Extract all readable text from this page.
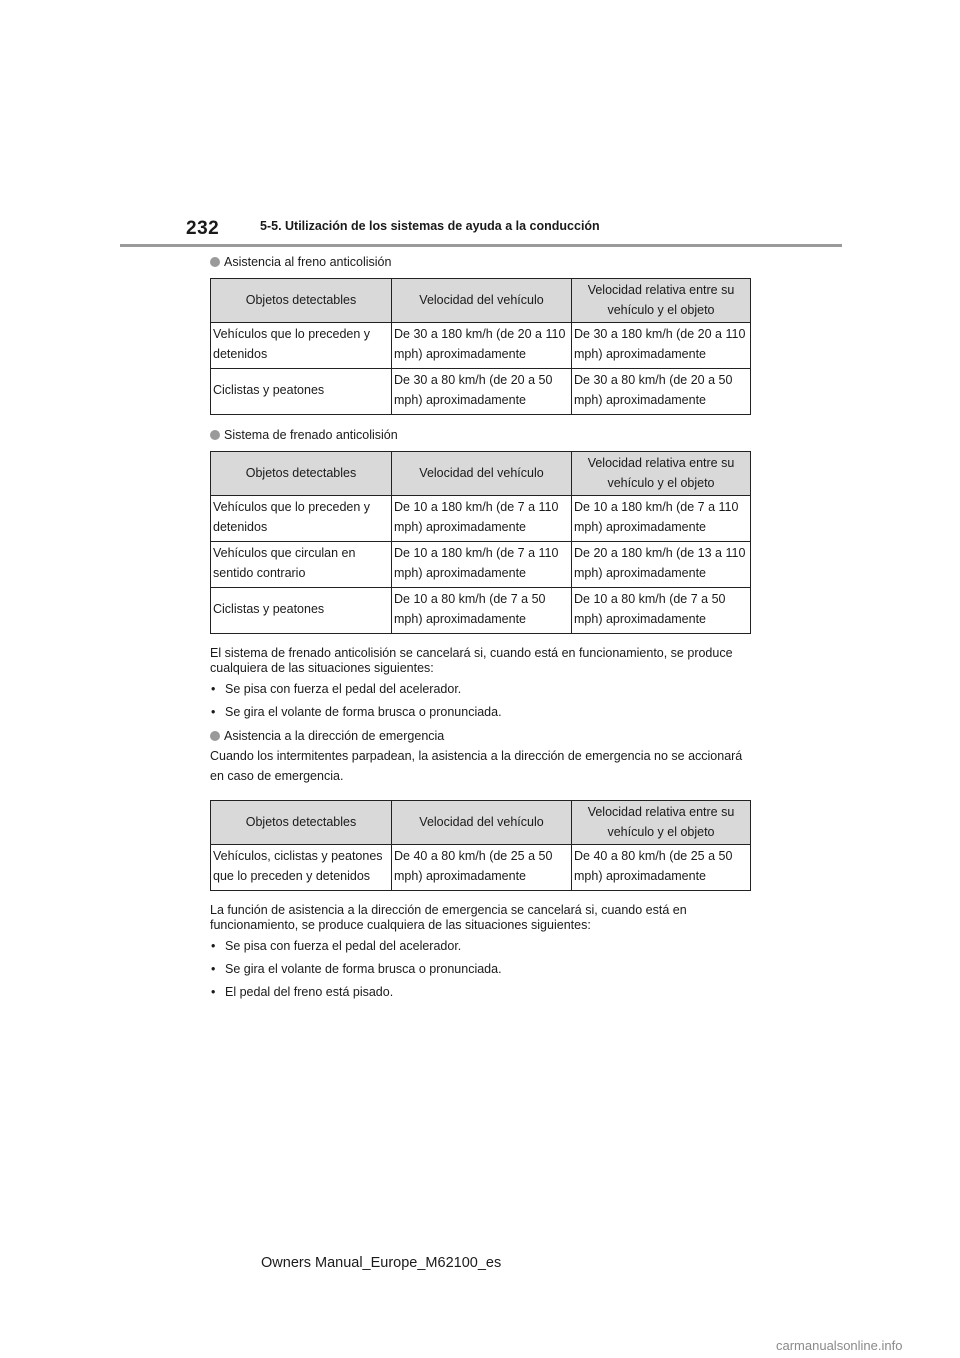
232	5-5. Utilización de los sistemas de ayuda a la conducción
Asistencia al freno anticolisión
Objetos detectables	Velocidad del vehículo	Velocidad relativa entre su vehículo y el objeto
Vehículos que lo preceden y detenidos	De 30 a 180 km/h (de 20 a 110 mph) aproximadamente	De 30 a 180 km/h (de 20 a 110 mph) aproximadamente
Ciclistas y peatones	De 30 a 80 km/h (de 20 a 50 mph) aproximadamente	De 30 a 80 km/h (de 20 a 50 mph) aproximadamente
Sistema de frenado anticolisión
Objetos detectables	Velocidad del vehículo	Velocidad relativa entre su vehículo y el objeto
Vehículos que lo preceden y detenidos	De 10 a 180 km/h (de 7 a 110 mph) aproximadamente	De 10 a 180 km/h (de 7 a 110 mph) aproximadamente
Vehículos que circulan en sentido contrario	De 10 a 180 km/h (de 7 a 110 mph) aproximadamente	De 20 a 180 km/h (de 13 a 110 mph) aproximadamente
Ciclistas y peatones	De 10 a 80 km/h (de 7 a 50 mph) aproximadamente	De 10 a 80 km/h (de 7 a 50 mph) aproximadamente

El sistema de frenado anticolisión se cancelará si, cuando está en funcionamiento, se produce cualquiera de las situaciones siguientes:

• Se pisa con fuerza el pedal del acelerador.
• Se gira el volante de forma brusca o pronunciada.
Asistencia a la dirección de emergencia

Cuando los intermitentes parpadean, la asistencia a la dirección de emergencia no se accionará en caso de emergencia.

Objetos detectables	Velocidad del vehículo	Velocidad relativa entre su vehículo y el objeto
Vehículos, ciclistas y peatones que lo preceden y detenidos	De 40 a 80 km/h (de 25 a 50 mph) aproximadamente	De 40 a 80 km/h (de 25 a 50 mph) aproximadamente

La función de asistencia a la dirección de emergencia se cancelará si, cuando está en funcionamiento, se produce cualquiera de las situaciones siguientes:

• Se pisa con fuerza el pedal del acelerador.
• Se gira el volante de forma brusca o pronunciada.
• El pedal del freno está pisado.
Owners Manual_Europe_M62100_es
carmanualsonline.info
